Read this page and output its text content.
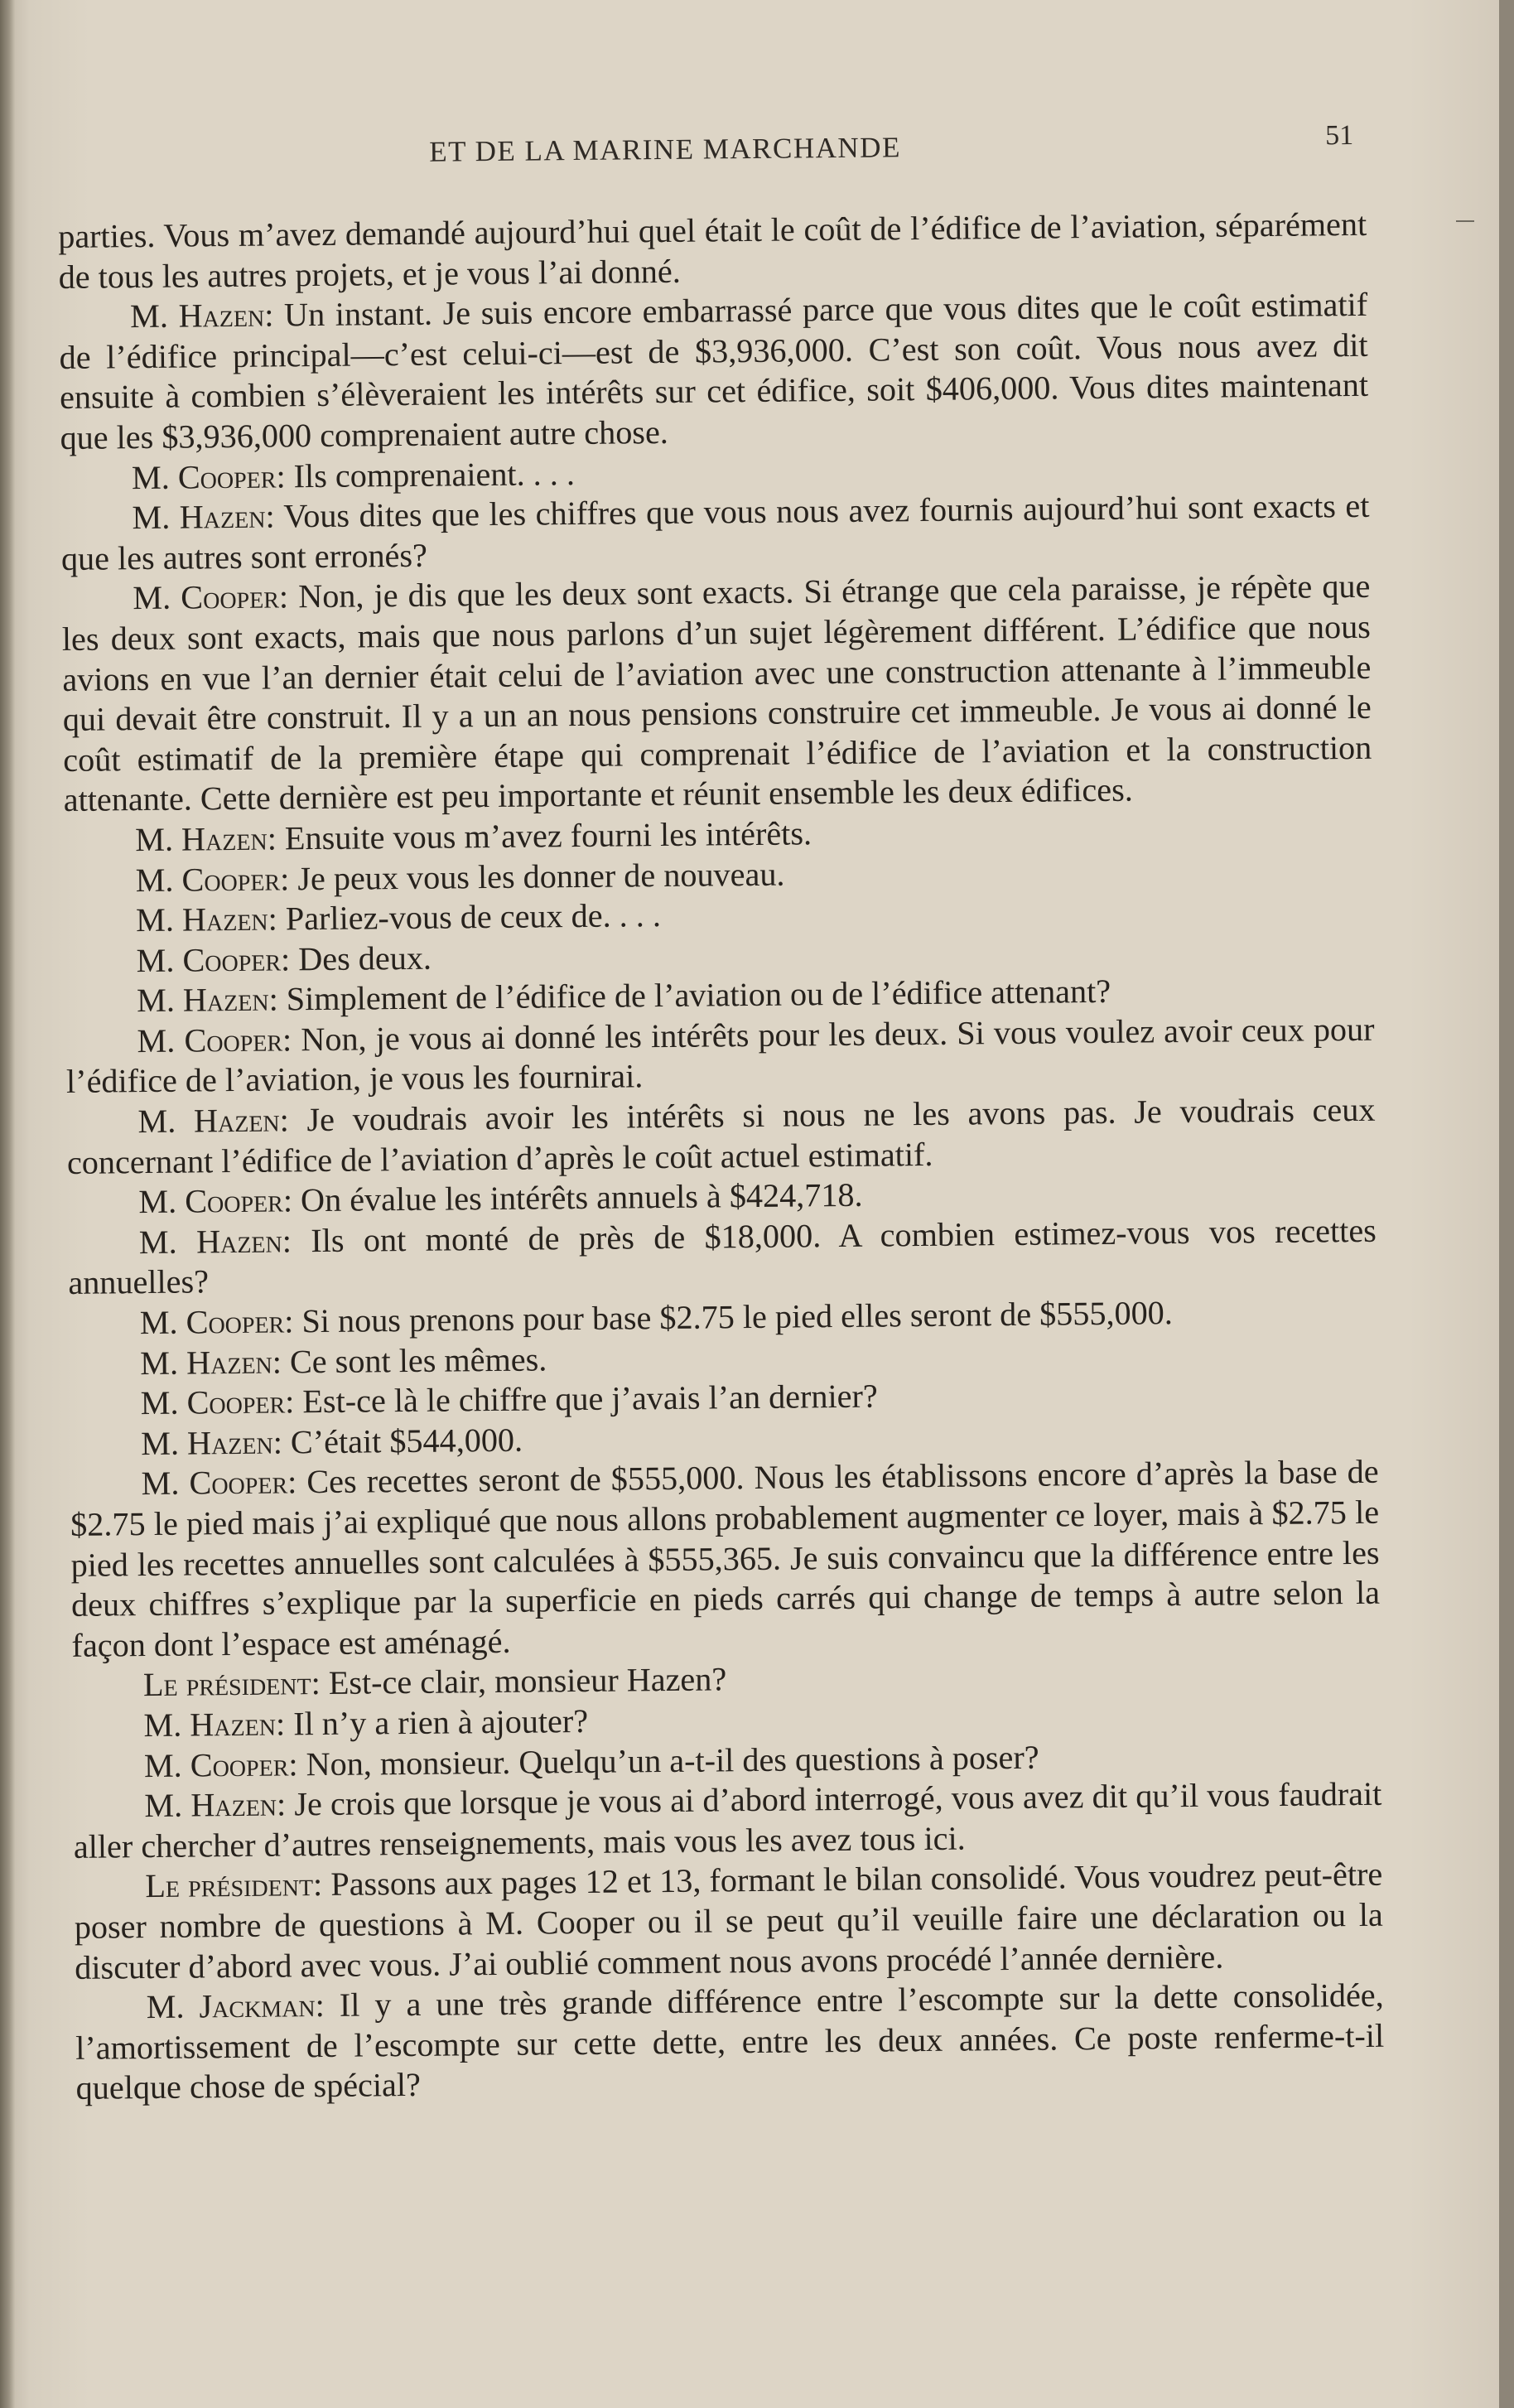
ET DE LA MARINE MARCHANDE	51

parties. Vous m’avez demandé aujourd’hui quel était le coût de l’édifice de l’aviation, séparément de tous les autres projets, et je vous l’ai donné.

M. Hazen: Un instant. Je suis encore embarrassé parce que vous dites que le coût estimatif de l’édifice principal—c’est celui-ci—est de $3,936,000. C’est son coût. Vous nous avez dit ensuite à combien s’élèveraient les intérêts sur cet édifice, soit $406,000. Vous dites maintenant que les $3,936,000 comprenaient autre chose.

M. Cooper: Ils comprenaient. . . .

M. Hazen: Vous dites que les chiffres que vous nous avez fournis aujourd’hui sont exacts et que les autres sont erronés?

M. Cooper: Non, je dis que les deux sont exacts. Si étrange que cela paraisse, je répète que les deux sont exacts, mais que nous parlons d’un sujet légèrement différent. L’édifice que nous avions en vue l’an dernier était celui de l’aviation avec une construction attenante à l’immeuble qui devait être construit. Il y a un an nous pensions construire cet immeuble. Je vous ai donné le coût estimatif de la première étape qui comprenait l’édifice de l’aviation et la construction attenante. Cette dernière est peu importante et réunit ensemble les deux édifices.

M. Hazen: Ensuite vous m’avez fourni les intérêts.

M. Cooper: Je peux vous les donner de nouveau.

M. Hazen: Parliez-vous de ceux de. . . .

M. Cooper: Des deux.

M. Hazen: Simplement de l’édifice de l’aviation ou de l’édifice attenant?

M. Cooper: Non, je vous ai donné les intérêts pour les deux. Si vous voulez avoir ceux pour l’édifice de l’aviation, je vous les fournirai.

M. Hazen: Je voudrais avoir les intérêts si nous ne les avons pas. Je voudrais ceux concernant l’édifice de l’aviation d’après le coût actuel estimatif.

M. Cooper: On évalue les intérêts annuels à $424,718.

M. Hazen: Ils ont monté de près de $18,000. A combien estimez-vous vos recettes annuelles?

M. Cooper: Si nous prenons pour base $2.75 le pied elles seront de $555,000.

M. Hazen: Ce sont les mêmes.

M. Cooper: Est-ce là le chiffre que j’avais l’an dernier?

M. Hazen: C’était $544,000.

M. Cooper: Ces recettes seront de $555,000. Nous les établissons encore d’après la base de $2.75 le pied mais j’ai expliqué que nous allons probablement augmenter ce loyer, mais à $2.75 le pied les recettes annuelles sont calculées à $555,365. Je suis convaincu que la différence entre les deux chiffres s’explique par la superficie en pieds carrés qui change de temps à autre selon la façon dont l’espace est aménagé.

Le président: Est-ce clair, monsieur Hazen?

M. Hazen: Il n’y a rien à ajouter?

M. Cooper: Non, monsieur. Quelqu’un a-t-il des questions à poser?

M. Hazen: Je crois que lorsque je vous ai d’abord interrogé, vous avez dit qu’il vous faudrait aller chercher d’autres renseignements, mais vous les avez tous ici.

Le président: Passons aux pages 12 et 13, formant le bilan consolidé. Vous voudrez peut-être poser nombre de questions à M. Cooper ou il se peut qu’il veuille faire une déclaration ou la discuter d’abord avec vous. J’ai oublié comment nous avons procédé l’année dernière.

M. Jackman: Il y a une très grande différence entre l’escompte sur la dette consolidée, l’amortissement de l’escompte sur cette dette, entre les deux années. Ce poste renferme-t-il quelque chose de spécial?
